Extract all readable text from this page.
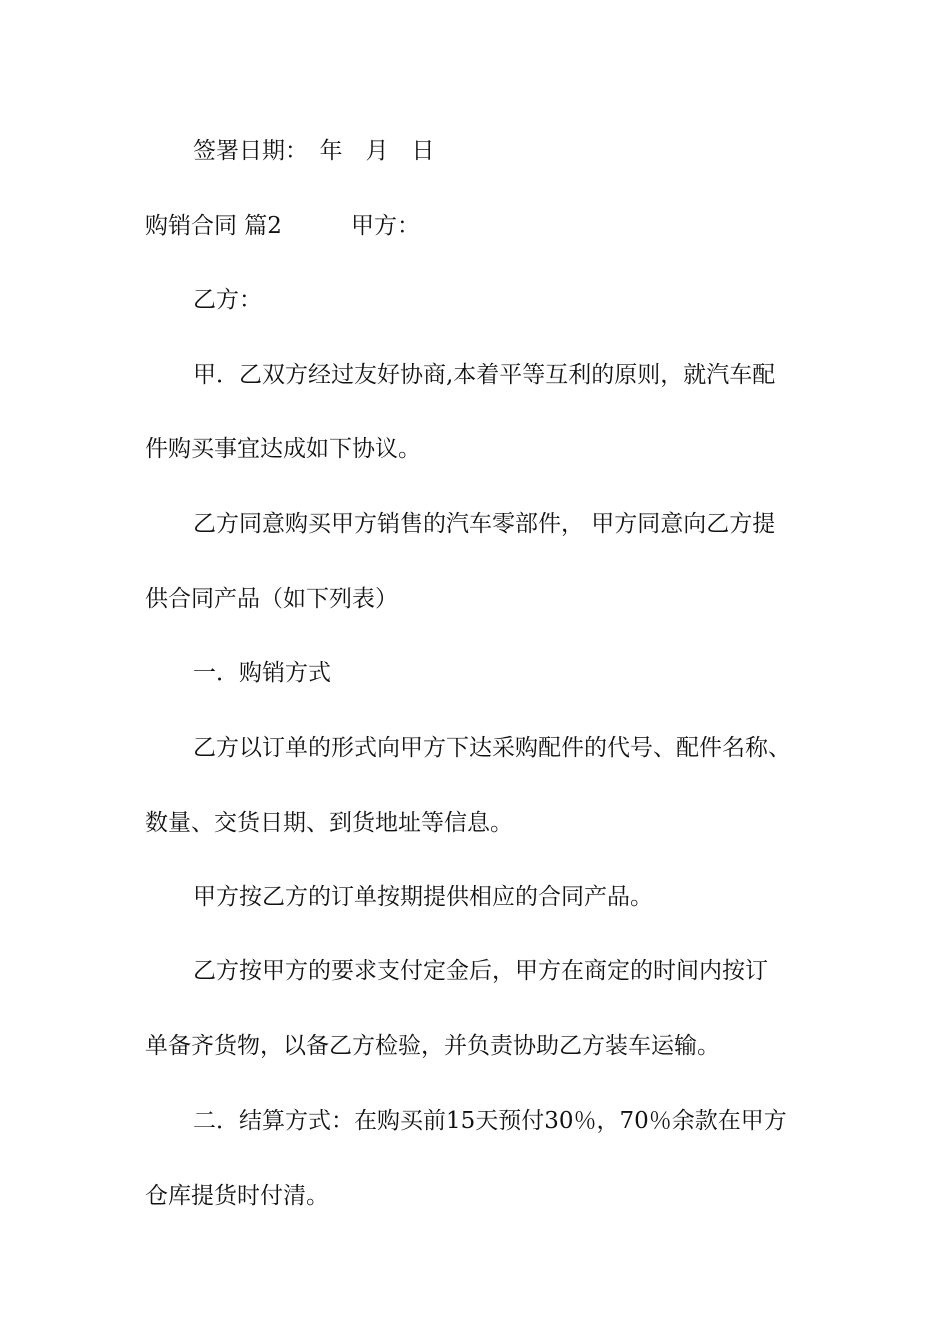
签署日期：　年　月　日

购销合同 篇2　　　甲方：

乙方：

甲．乙双方经过友好协商,本着平等互利的原则，就汽车配

件购买事宜达成如下协议。

乙方同意购买甲方销售的汽车零部件， 甲方同意向乙方提

供合同产品（如下列表）

一．购销方式

乙方以订单的形式向甲方下达采购配件的代号、配件名称、

数量、交货日期、到货地址等信息。

甲方按乙方的订单按期提供相应的合同产品。

乙方按甲方的要求支付定金后，甲方在商定的时间内按订

单备齐货物，以备乙方检验，并负责协助乙方装车运输。

二．结算方式：在购买前15天预付30％，70％余款在甲方

仓库提货时付清。
